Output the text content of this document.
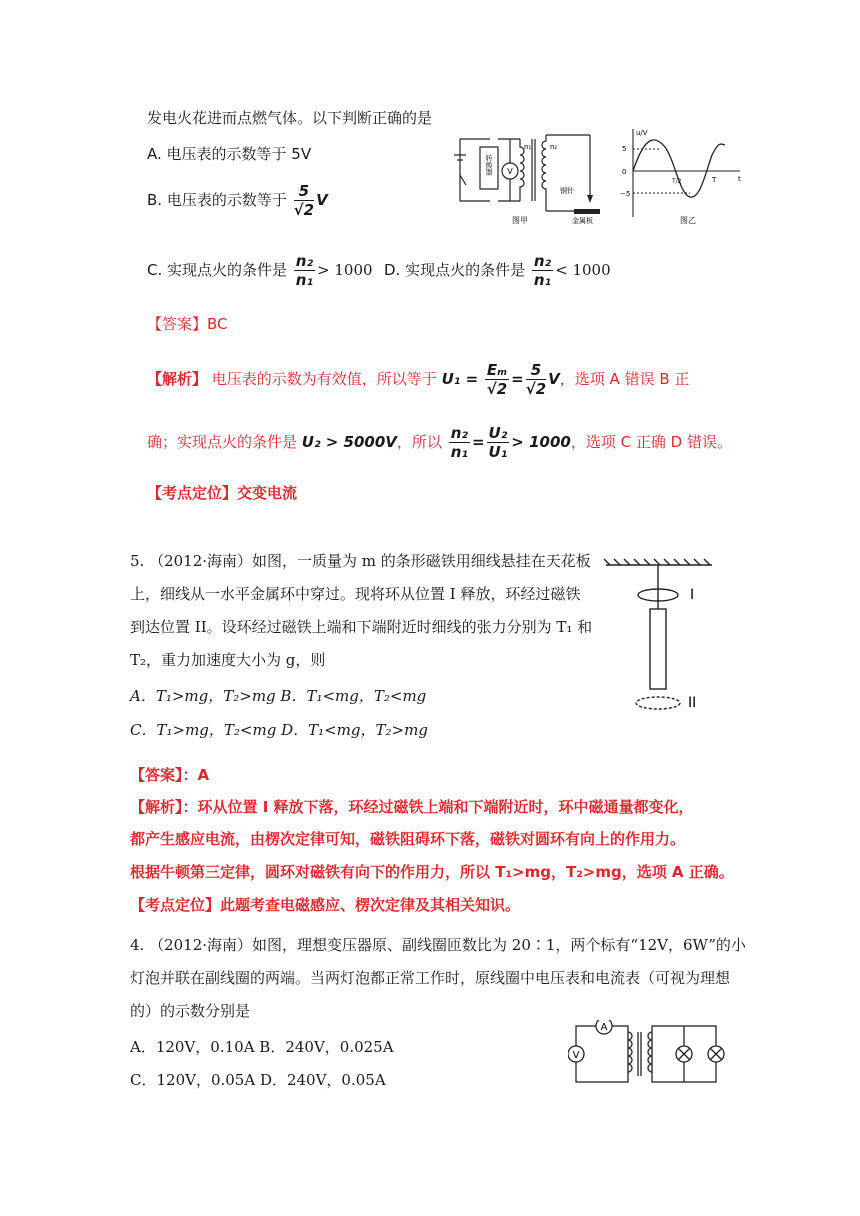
发电火花进而点燃气体。以下判断正确的是
A. 电压表的示数等于 5V
B. 电压表的示数等于 $\frac{5}{√2}$ V
C. 实现点火的条件是 $\frac{\text{n₂}}{\text{n₁}} > 1000$ D. 实现点火的条件是 $\frac{\text{n₂}}{\text{n₁}} < 1000$
转换器 V
n₁	n₂
钢针
金属板
图甲
u/V
5
0
−5
T/2	T	t
图乙
【答案】BC
【解析】 电压表的示数为有效值，所以等于 $U_1 = \frac{\text{Eₘ}}{√2} = \frac{5}{√2}$ V，选项 A 错误 B 正
确；实现点火的条件是 U₂ > 5000V，所以 $\frac{\text{n₂}}{\text{n₁}} = \frac{\text{U₂}}{\text{U₁}} > 1000$，选项 C 正确 D 错误。
【考点定位】交变电流
5. （2012·海南）如图，一质量为 m 的条形磁铁用细线悬挂在天花板
上，细线从一水平金属环中穿过。现将环从位置 I 释放，环经过磁铁
到达位置 II。设环经过磁铁上端和下端附近时细线的张力分别为 T₁ 和
T₂，重力加速度大小为 g，则
A．T₁>mg，T₂>mg B．T₁<mg，T₂<mg
C．T₁>mg，T₂<mg D．T₁<mg，T₂>mg
I
II
【答案】：A
【解析】：环从位置 I 释放下落，环经过磁铁上端和下端附近时，环中磁通量都变化，
都产生感应电流，由楞次定律可知，磁铁阻碍环下落，磁铁对圆环有向上的作用力。
根据牛顿第三定律，圆环对磁铁有向下的作用力，所以 T₁>mg，T₂>mg，选项 A 正确。
【考点定位】此题考查电磁感应、楞次定律及其相关知识。
4. （2012·海南）如图，理想变压器原、副线圈匝数比为 20∶1，两个标有“12V，6W”的小
灯泡并联在副线圈的两端。当两灯泡都正常工作时，原线圈中电压表和电流表（可视为理想
的）的示数分别是
A．120V，0.10A B．240V，0.025A
C．120V，0.05A D．240V，0.05A
A
V
